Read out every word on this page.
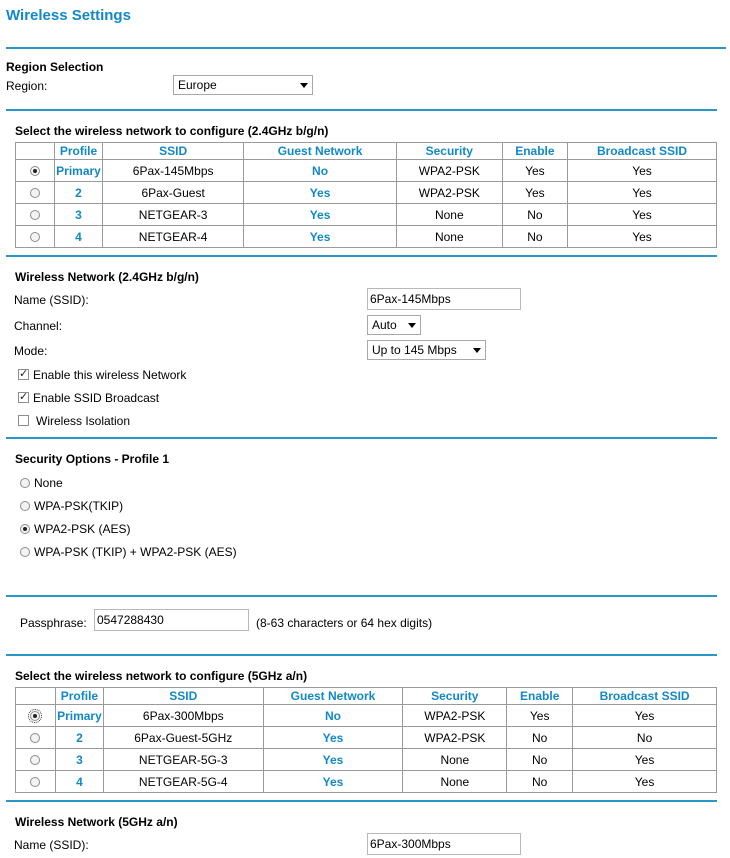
Wireless Settings
Region Selection
Region:	Europe
Select the wireless network to configure (2.4GHz b/g/n)
	Profile	SSID	Guest Network	Security	Enable	Broadcast SSID
	Primary	6Pax-145Mbps	No	WPA2-PSK	Yes	Yes
	2	6Pax-Guest	Yes	WPA2-PSK	Yes	Yes
	3	NETGEAR-3	Yes	None	No	Yes
	4	NETGEAR-4	Yes	None	No	Yes
Wireless Network (2.4GHz b/g/n)
Name (SSID):	6Pax-145Mbps
Channel:	Auto
Mode:	Up to 145 Mbps
✓Enable this wireless Network
✓Enable SSID Broadcast
Wireless Isolation
Security Options - Profile 1
None
WPA-PSK(TKIP)
WPA2-PSK (AES)
WPA-PSK (TKIP) + WPA2-PSK (AES)
Passphrase: 0547288430	(8-63 characters or 64 hex digits)
Select the wireless network to configure (5GHz a/n)
	Profile	SSID	Guest Network	Security	Enable	Broadcast SSID
	Primary	6Pax-300Mbps	No	WPA2-PSK	Yes	Yes
	2	6Pax-Guest-5GHz	Yes	WPA2-PSK	No	No
	3	NETGEAR-5G-3	Yes	None	No	Yes
	4	NETGEAR-5G-4	Yes	None	No	Yes
Wireless Network (5GHz a/n)
Name (SSID):	6Pax-300Mbps
